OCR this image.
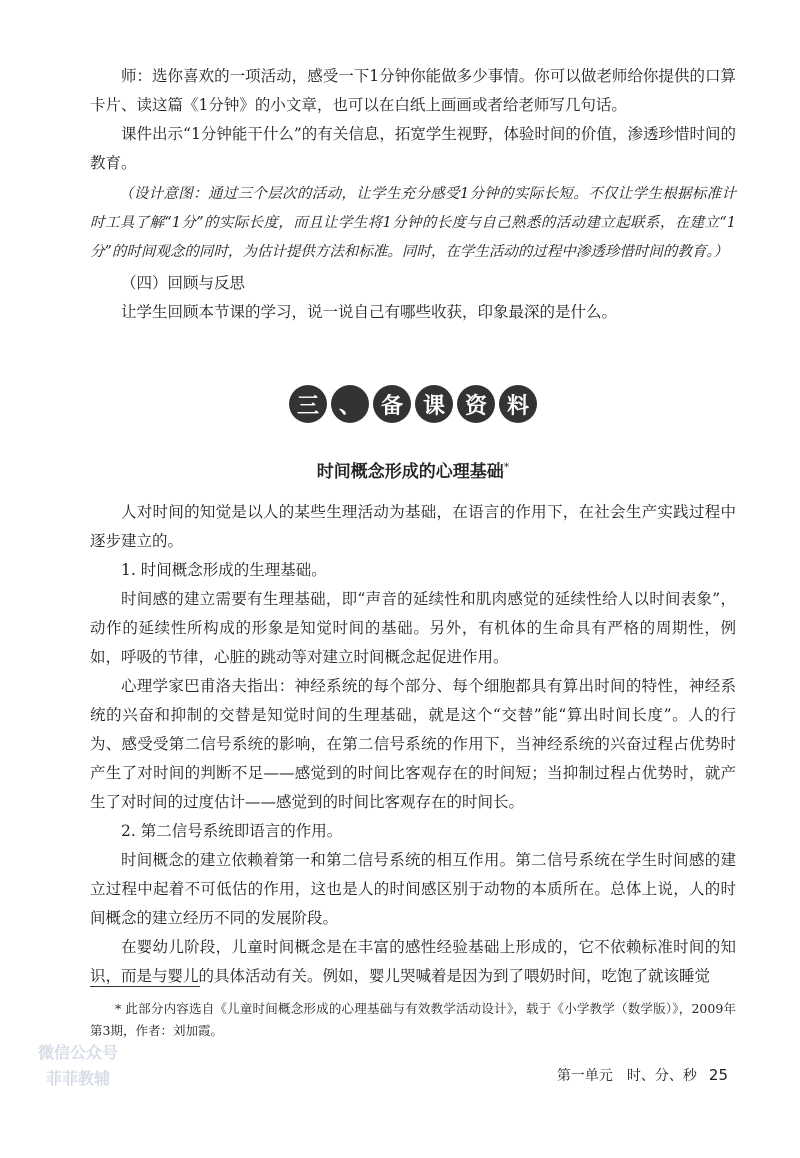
师：选你喜欢的一项活动，感受一下1分钟你能做多少事情。你可以做老师给你提供的口算卡片、读这篇《1分钟》的小文章，也可以在白纸上画画或者给老师写几句话。

课件出示“1分钟能干什么”的有关信息，拓宽学生视野，体验时间的价值，渗透珍惜时间的教育。

（设计意图：通过三个层次的活动，让学生充分感受1分钟的实际长短。不仅让学生根据标准计时工具了解“1分”的实际长度，而且让学生将1分钟的长度与自己熟悉的活动建立起联系，在建立“1分”的时间观念的同时，为估计提供方法和标准。同时，在学生活动的过程中渗透珍惜时间的教育。）

（四）回顾与反思

让学生回顾本节课的学习，说一说自己有哪些收获，印象最深的是什么。

三 、 备 课 资 料
时间概念形成的心理基础*

人对时间的知觉是以人的某些生理活动为基础，在语言的作用下，在社会生产实践过程中逐步建立的。

1. 时间概念形成的生理基础。

时间感的建立需要有生理基础，即“声音的延续性和肌肉感觉的延续性给人以时间表象”，动作的延续性所构成的形象是知觉时间的基础。另外，有机体的生命具有严格的周期性，例如，呼吸的节律，心脏的跳动等对建立时间概念起促进作用。

心理学家巴甫洛夫指出：神经系统的每个部分、每个细胞都具有算出时间的特性，神经系统的兴奋和抑制的交替是知觉时间的生理基础，就是这个“交替”能“算出时间长度”。人的行为、感受受第二信号系统的影响，在第二信号系统的作用下，当神经系统的兴奋过程占优势时产生了对时间的判断不足——感觉到的时间比客观存在的时间短；当抑制过程占优势时，就产生了对时间的过度估计——感觉到的时间比客观存在的时间长。

2. 第二信号系统即语言的作用。

时间概念的建立依赖着第一和第二信号系统的相互作用。第二信号系统在学生时间感的建立过程中起着不可低估的作用，这也是人的时间感区别于动物的本质所在。总体上说，人的时间概念的建立经历不同的发展阶段。

在婴幼儿阶段，儿童时间概念是在丰富的感性经验基础上形成的，它不依赖标准时间的知识，而是与婴儿的具体活动有关。例如，婴儿哭喊着是因为到了喂奶时间，吃饱了就该睡觉

* 此部分内容选自《儿童时间概念形成的心理基础与有效教学活动设计》，载于《小学教学（数学版）》，2009年第3期，作者：刘加霞。

第一单元　时、分、秒 25
微信公众号
菲菲教辅
